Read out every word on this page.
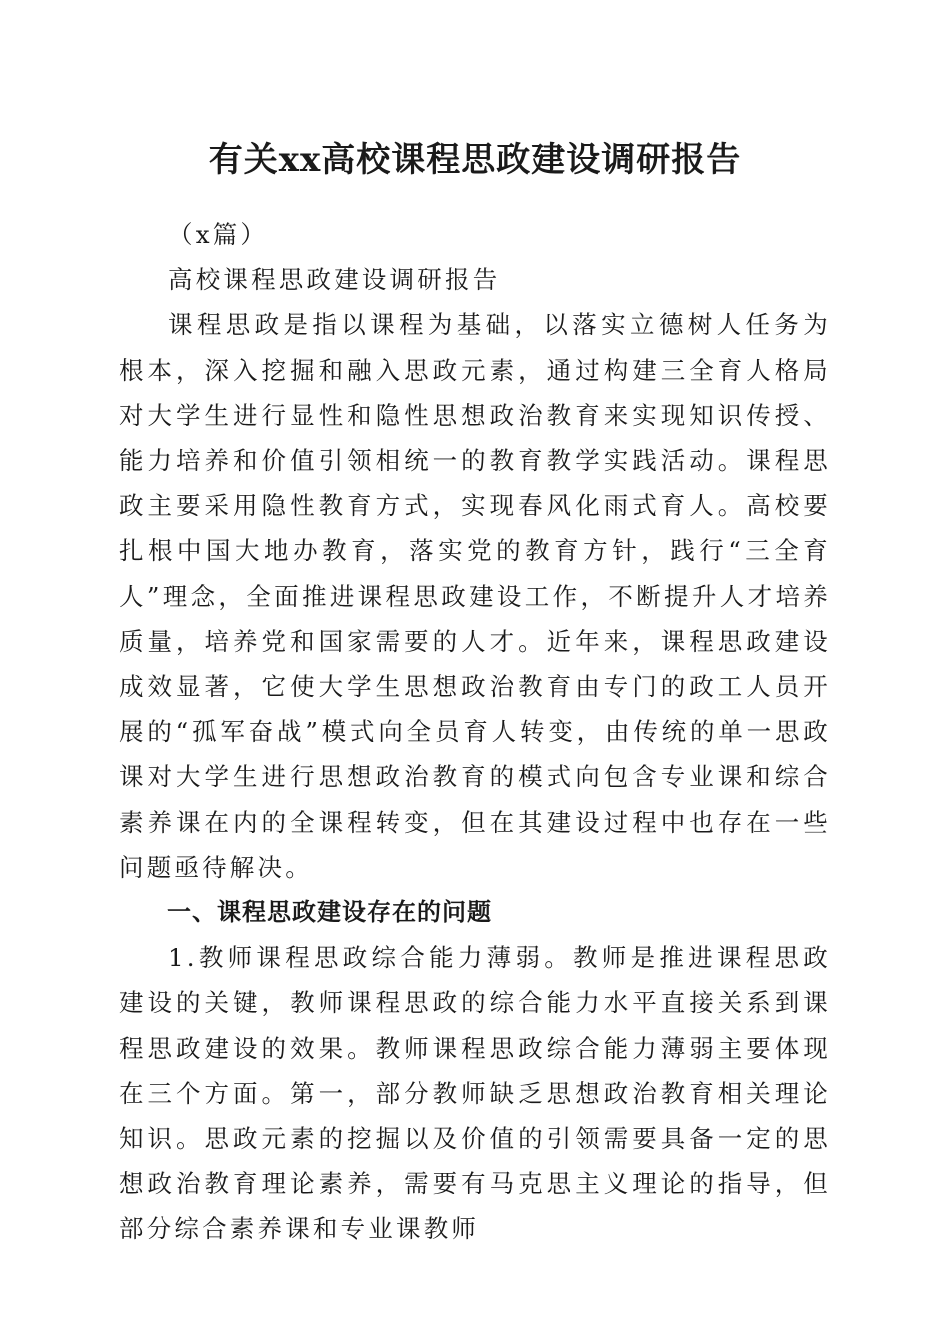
有关xx高校课程思政建设调研报告

（x篇）

高校课程思政建设调研报告

课程思政是指以课程为基础，以落实立德树人任务为根本，深入挖掘和融入思政元素，通过构建三全育人格局对大学生进行显性和隐性思想政治教育来实现知识传授、能力培养和价值引领相统一的教育教学实践活动。课程思政主要采用隐性教育方式，实现春风化雨式育人。高校要扎根中国大地办教育，落实党的教育方针，践行“三全育人”理念，全面推进课程思政建设工作，不断提升人才培养质量，培养党和国家需要的人才。近年来，课程思政建设成效显著，它使大学生思想政治教育由专门的政工人员开展的“孤军奋战”模式向全员育人转变，由传统的单一思政课对大学生进行思想政治教育的模式向包含专业课和综合素养课在内的全课程转变，但在其建设过程中也存在一些问题亟待解决。

一、课程思政建设存在的问题

1.教师课程思政综合能力薄弱。教师是推进课程思政建设的关键，教师课程思政的综合能力水平直接关系到课程思政建设的效果。教师课程思政综合能力薄弱主要体现在三个方面。第一，部分教师缺乏思想政治教育相关理论知识。思政元素的挖掘以及价值的引领需要具备一定的思想政治教育理论素养，需要有马克思主义理论的指导，但部分综合素养课和专业课教师
